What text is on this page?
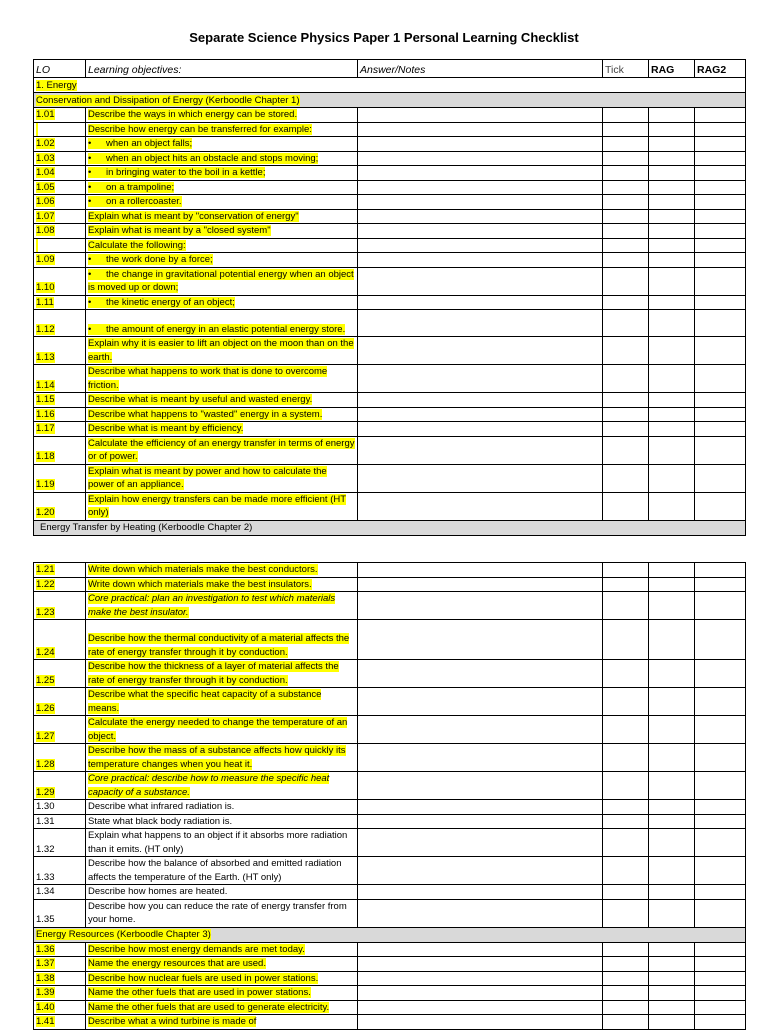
Separate Science Physics Paper 1 Personal Learning Checklist
LO	Learning objectives:	Answer/Notes	Tick	RAG	RAG2
1. Energy					
Conservation and Dissipation of Energy (Kerboodle Chapter 1)					
1.01	Describe the ways in which energy can be stored.				
	Describe how energy can be transferred for example:				
1.02	• when an object falls;				
1.03	• when an object hits an obstacle and stops moving;				
1.04	• in bringing water to the boil in a kettle;				
1.05	• on a trampoline;				
1.06	• on a rollercoaster.				
1.07	Explain what is meant by "conservation of energy"				
1.08	Explain what is meant by a "closed system"				
	Calculate the following:				
1.09	• the work done by a force;				
1.10	• the change in gravitational potential energy when an object is moved up or down;				
1.11	• the kinetic energy of an object;				
1.12	• the amount of energy in an elastic potential energy store.				
1.13	Explain why it is easier to lift an object on the moon than on the earth.				
1.14	Describe what happens to work that is done to overcome friction.				
1.15	Describe what is meant by useful and wasted energy.				
1.16	Describe what happens to "wasted" energy in a system.				
1.17	Describe what is meant by efficiency.				
1.18	Calculate the efficiency of an energy transfer in terms of energy or of power.				
1.19	Explain what is meant by power and how to calculate the power of an appliance.				
1.20	Explain how energy transfers can be made more efficient (HT only)				
Energy Transfer by Heating (Kerboodle Chapter 2)					
1.21	Write down which materials make the best conductors.				
1.22	Write down which materials make the best insulators.				
1.23	Core practical: plan an investigation to test which materials make the best insulator.				
1.24	Describe how the thermal conductivity of a material affects the rate of energy transfer through it by conduction.				
1.25	Describe how the thickness of a layer of material affects the rate of energy transfer through it by conduction.				
1.26	Describe what the specific heat capacity of a substance means.				
1.27	Calculate the energy needed to change the temperature of an object.				
1.28	Describe how the mass of a substance affects how quickly its temperature changes when you heat it.				
1.29	Core practical: describe how to measure the specific heat capacity of a substance.				
1.30	Describe what infrared radiation is.				
1.31	State what black body radiation is.				
1.32	Explain what happens to an object if it absorbs more radiation than it emits. (HT only)				
1.33	Describe how the balance of absorbed and emitted radiation affects the temperature of the Earth. (HT only)				
1.34	Describe how homes are heated.				
1.35	Describe how you can reduce the rate of energy transfer from your home.				
Energy Resources (Kerboodle Chapter 3)					
1.36	Describe how most energy demands are met today.				
1.37	Name the energy resources that are used.				
1.38	Describe how nuclear fuels are used in power stations.				
1.39	Name the other fuels that are used in power stations.				
1.40	Name the other fuels that are used to generate electricity.				
1.41	Describe what a wind turbine is made of				
